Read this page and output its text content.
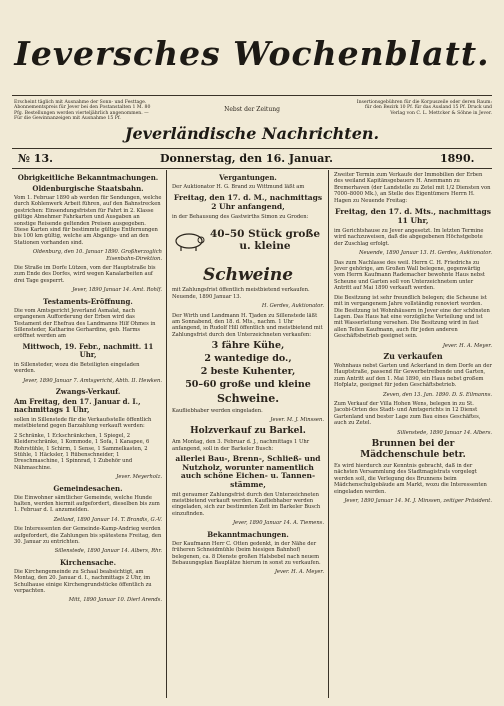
Ieversches Wochenblatt.
Erscheint täglich mit Ausnahme der Sonn- und Festtage. Abonnementspreis für Jever bei den Postanstalten 1 M. 80 Pfg. Bestellungen werden vierteljährlich angenommen. — Für die Gewinnanzeigen mit Ausnahme 15 Pf.
Nebst der Zeitung
Insertionsgebühren für die Korpuszeile oder deren Raum: für den Bezirk 10 Pf. für das Ausland 15 Pf. Druck und Verlag von C. L. Mettcker & Söhne in Jever.
Jeverländische Nachrichten.
№ 13.	Donnerstag, den 16. Januar.	1890.
Obrigkeitliche Bekanntmachungen.
Oldenburgische Staatsbahn.

Vom 1. Februar 1890 ab werden für Sendungen, welche durch Kohlenwerk Arbeit führen, auf den Bahnstrecken gestrichen: Einsendungsfristen für Fahrt in 2. Klasse gültige Abnehmer Fahrkarten und Ausgaben an sonstige Reisende geltenden Preisen ausgegeben. Diese Karten sind für bestimmte gültige Entfernungen bis 100 km gültig, welche am Abgangs- und an den Stationen vorhanden sind.

Oldenburg, den 10. Januar 1890. Großherzoglich Eisenbahn-Direktion.

Die Straße im Dorfe Lützen, vom der Hauptstraße bis zum Ende des Dorfes, wird wegen Kanalarbeiten auf drei Tage gesperrt.

Jever, 1890 Januar 14. Amt. Rohlf.

Testaments-Eröffnung.

Die vom Amtsgericht Jeverland Asmalat, nach ergangenen Aufforderung der Erben wird das Testament der Ehefrau des Landmanns Hilf Ohmes in Sillensteder, Katharine Gerhardine, geb. Harms eröffnet werden am

Mittwoch, 19. Febr., nachmitt. 11 Uhr,

in Sillensteder, wozu die Beteiligten eingeladen werden.

Jever, 1890 Januar 7. Amtsgericht, Abth. II. Hewken.

Zwangs-Verkauf.

Am Freitag, den 17. Januar d. I., nachmittags 1 Uhr,

sollen in Sillenstede für die Verkaufsstelle öffentlich meistbietend gegen Barzahlung verkauft werden:

2 Schränke, 1 Eckschränkchen, 1 Spiegel, 2 Kleiderschränke, 1 Kommode, 1 Sofa, 1 Kanapee, 6 Rohrstühle, 1 Schirm, 1 Sense, 1 Sammelkasten, 2 Stühle, 1 Häcksler, 1 Rübenschneider, 1 Dreschmaschine, 1 Spinnrad, 1 Zubehör und Nähmaschine.

Jever. Meyerholz.

Gemeindesachen.

Die Einwohner sämtlicher Gemeinde, welche Hunde halten, werden hiermit aufgefordert, dieselben bis zum 1. Februar d. I. anzumelden.

Zetland, 1890 Januar 14. T. Brandis, G.-V.

Die Interessenten der Gemeinde-Kamp-Andrieg werden aufgefordert, die Zahlungen bis spätestens Freitag, den 30. Januar zu entrichten.

Sillenstede, 1890 Januar 14. Albers, Rhr.

Kirchensache.

Die Kirchengemeinde zu Schaal beabsichtigt, am Montag, den 20. Januar d. I., nachmittags 2 Uhr, im Schulhause einige Kirchengrundstücke öffentlich zu verpachten.

Mitt, 1890 Januar 10. Dierl Arends.

Vergantungen.

Der Auktionator H. G. Brand zu Wittmund läßt am

Freitag, den 17. d. M., nachmittags 2 Uhr anfangend,

in der Behausung des Gastwirths Simon zu Groden:

40–50 Stück große u. kleine
Schweine

mit Zahlungsfrist öffentlich meistbietend verkaufen. Neuende, 1890 Januar 13.

H. Gerdes, Auktionator.

Der Wirth und Landmann H. Tjaden zu Sillenstede läßt am Sonnabend, den 18. d. Mts., nachm. 1 Uhr anfangend, in Rudolf Hill öffentlich und meistbietend mit Zahlungsfrist durch den Unterzeichneten verkaufen:

3 fähre Kühe,
2 wantedige do.,
2 beste Kuhenter,
50–60 große und kleine
Schweine.

Kaufliebhaber werden eingeladen.

Jever. M. J. Minssen.

Holzverkauf zu Barkel.

Am Montag, den 3. Februar d. J., nachmittags 1 Uhr anfangend, soll in der Barkeler Busch:

allerlei Bau-, Brenn-, Schließ- und Nutzholz, worunter namentlich auch schöne Eichen- u. Tannen-stämme,

mit geraumer Zahlungsfrist durch den Unterzeichneten meistbietend verkauft werden. Kaufliebhaber werden eingeladen, sich zur bestimmten Zeit im Barkeler Busch einzufinden.

Jever, 1890 Januar 14. A. Tiemens.

Bekanntmachungen.

Der Kaufmann Herr C. Otten gedenkt, in der Nähe der früheren Schneidmühle (beim hiesigen Bahnhof) belegenen, ca. 8 Dienste großen Halsbebel nach neuem Bebauungsplan Bauplätze hierum in sonst zu verkaufen.

Jever. H. A. Meyer.

Zweiter Termin zum Verkaufe der Immobilien der Erben des weiland Kapitänsgebauers H. Anenmann zu Bremerhaven (der Landstelle zu Zetel mit 1/2 Diensten von 7000–8000 Mk.), an Stelle des Eigentümers Herrn H. Hagen zu Neuende Freitag:

Freitag, den 17. d. Mts., nachmittags 11 Uhr,

im Gerichtshause zu Jever angesetzt. Im letzten Termine wird nachzuweisen, daß die abgegebenen Höchstgebote der Zuschlag erfolgt.

Neuende, 1890 Januar 13. H. Gerdes, Auktionator.

Das zum Nachlasse des weil. Herrn C. H. Friedrichs zu Jever gehörige, am Großen Wall belegene, gegenwärtig vom Herrn Kaufmann Rademacher bewohnte Haus nebst Scheune und Garten soll von Unterzeichnetem unter Antritt auf Mai 1890 verkauft werden.

Die Besitzung ist sehr freundlich belegen; die Scheune ist mit in vergangenem Jahre vollständig renoviert worden. Die Besitzung ist Wohnhäusern in Jever eine der schönsten Lagen. Das Haus hat eine vorzügliche Verteilung und ist mit Wasserleitung versehen. Die Besitzung wird in fast allen Teilen Kaufmann, auch für jeden anderen Geschäftsbetrieb geeignet sein.

Jever. H. A. Meyer.

Zu verkaufen

Wohnhaus nebst Garten und Ackerland in dem Dorfe an der Hauptstraße, passend für Gewerbetreibende und Garten, zum Antritt auf den 1. Mai 1890, ein Haus nebst großem Hofplatz, geeignet für jeden Geschäftsbetrieb.

Zeven, den 13. Jan. 1890. D. S. Eilmanns.

Zum Verkauf der Villa Hohen Wens, belegen in zu St. Jacobi-Orten des Stadt- und Amtsgerichts in 12 Dienst Gartenland und bester Lage zum Bau eines Geschäftes, auch zu Zetel.

Sillenstede, 1890 Januar 14. Albers.

Brunnen bei der Mädchenschule betr.

Es wird hierdurch zur Kenntnis gebracht, daß in der nächsten Versammlung des Stadtmagistrats vorgelegt werden soll, die Verlegung des Brunnens beim Mädchenschulgebäude am Markt, wozu die Interessenten eingeladen werden.

Jever, 1890 Januar 14. M. J. Minssen, zeitiger Präsident.
